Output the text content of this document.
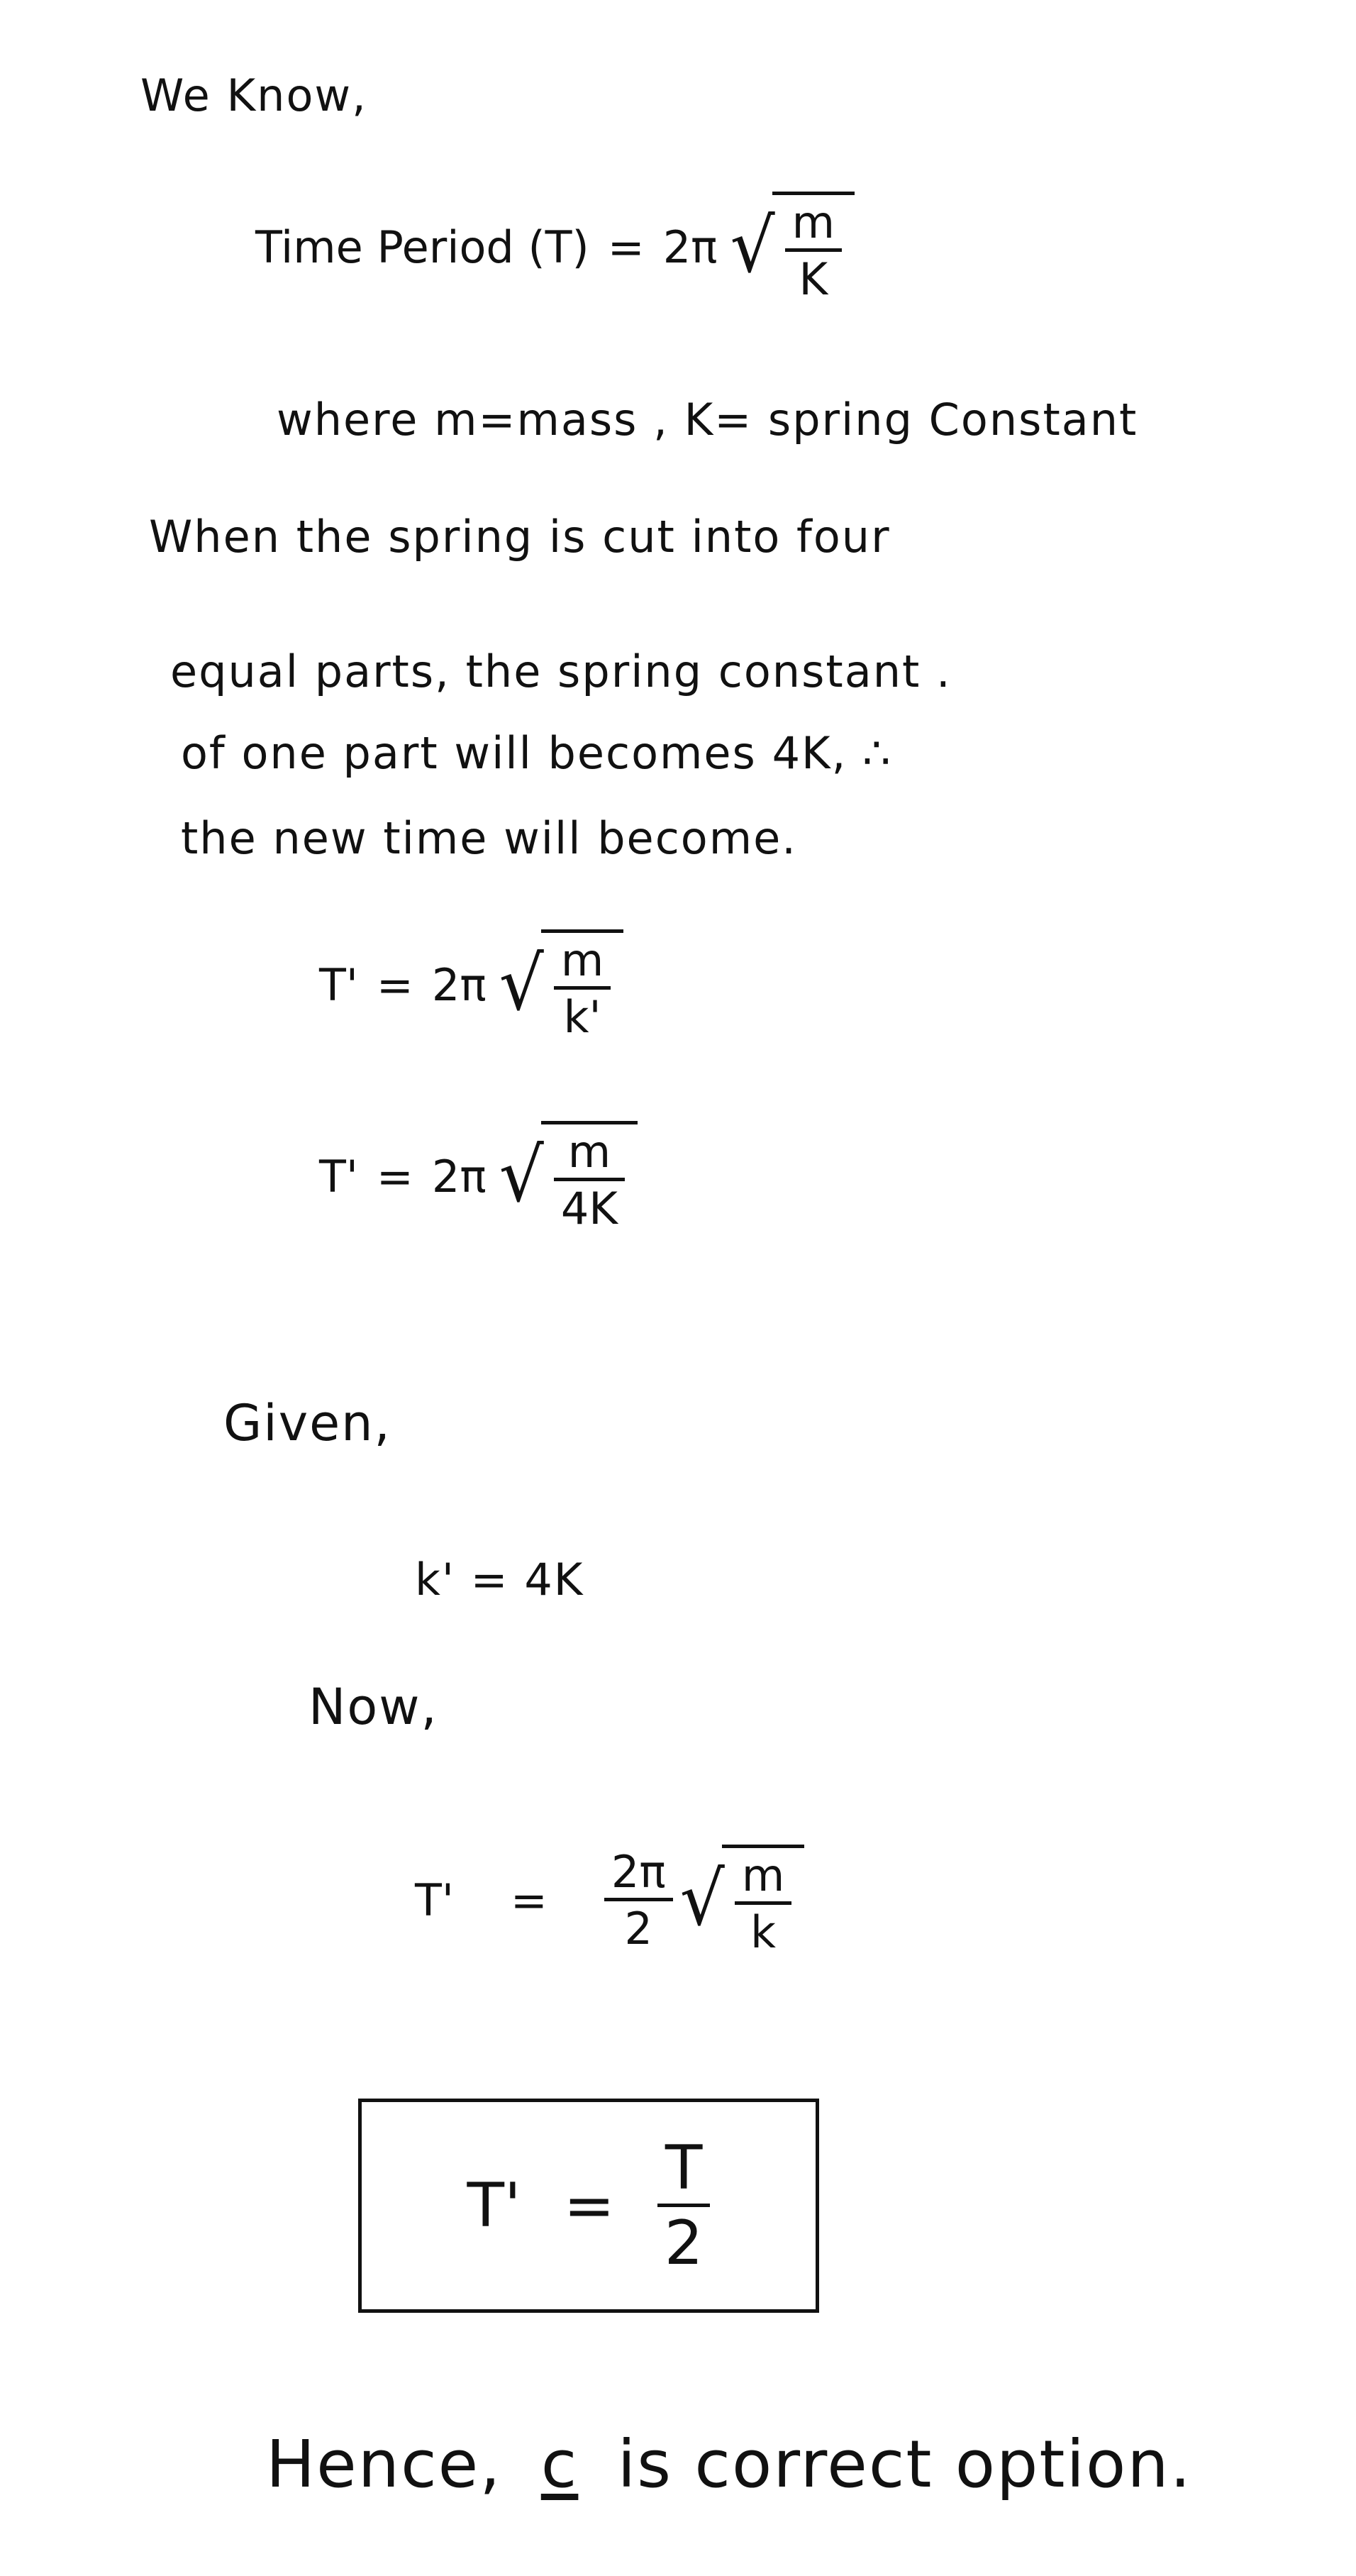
We Know,
Time Period (T) = 2π √ m
K
where m=mass , K= spring Constant
When the spring is cut into four
equal parts, the spring constant .
of one part will becomes 4K, ∴
the new time will become.
T' = 2π √ m
k'
T' = 2π √ m
4K
Given,
k' = 4K
Now,
T' =
2π
2 √ m
k
T' =
T
2
Hence, c is correct option.
